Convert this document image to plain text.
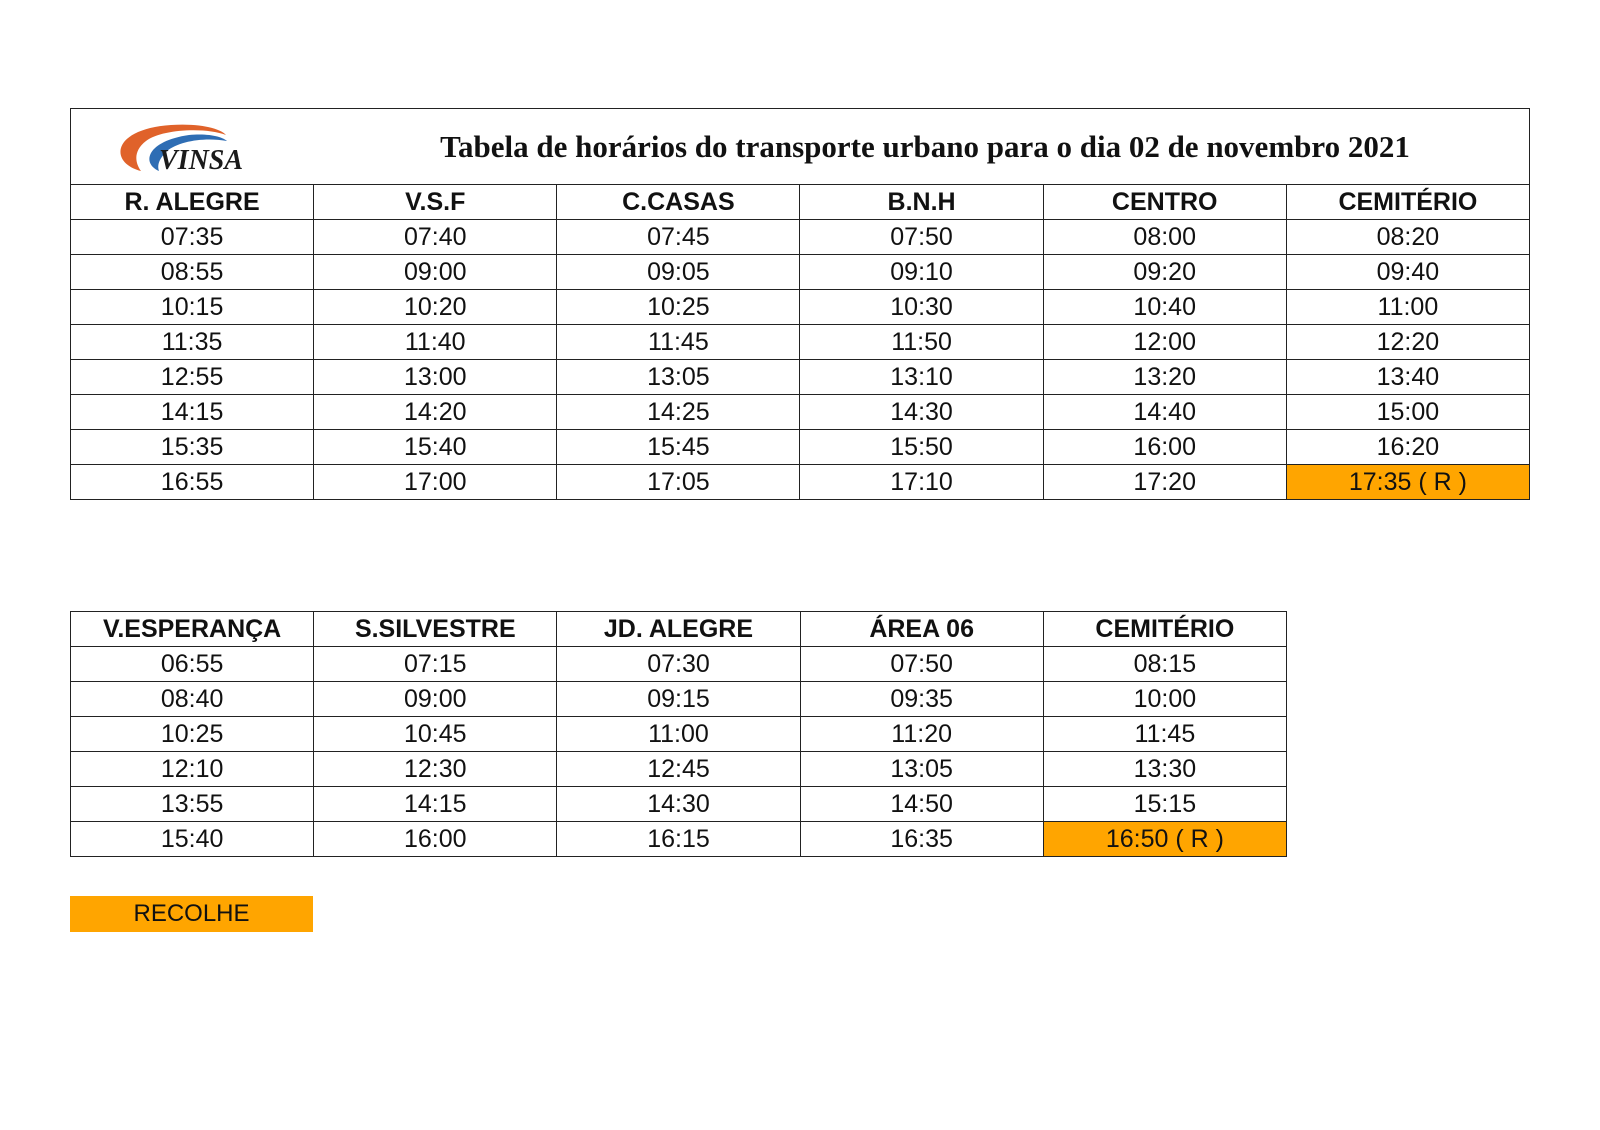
VINSA Tabela de horários do transporte urbano para o dia 02 de novembro 2021					

R. ALEGRE	V.S.F	C.CASAS	B.N.H	CENTRO	CEMITÉRIO
07:35	07:40	07:45	07:50	08:00	08:20
08:55	09:00	09:05	09:10	09:20	09:40
10:15	10:20	10:25	10:30	10:40	11:00
11:35	11:40	11:45	11:50	12:00	12:20
12:55	13:00	13:05	13:10	13:20	13:40
14:15	14:20	14:25	14:30	14:40	15:00
15:35	15:40	15:45	15:50	16:00	16:20
16:55	17:00	17:05	17:10	17:20	17:35 ( R )
V.ESPERANÇA	S.SILVESTRE	JD. ALEGRE	ÁREA 06	CEMITÉRIO
06:55	07:15	07:30	07:50	08:15
08:40	09:00	09:15	09:35	10:00
10:25	10:45	11:00	11:20	11:45
12:10	12:30	12:45	13:05	13:30
13:55	14:15	14:30	14:50	15:15
15:40	16:00	16:15	16:35	16:50 ( R )
RECOLHE
